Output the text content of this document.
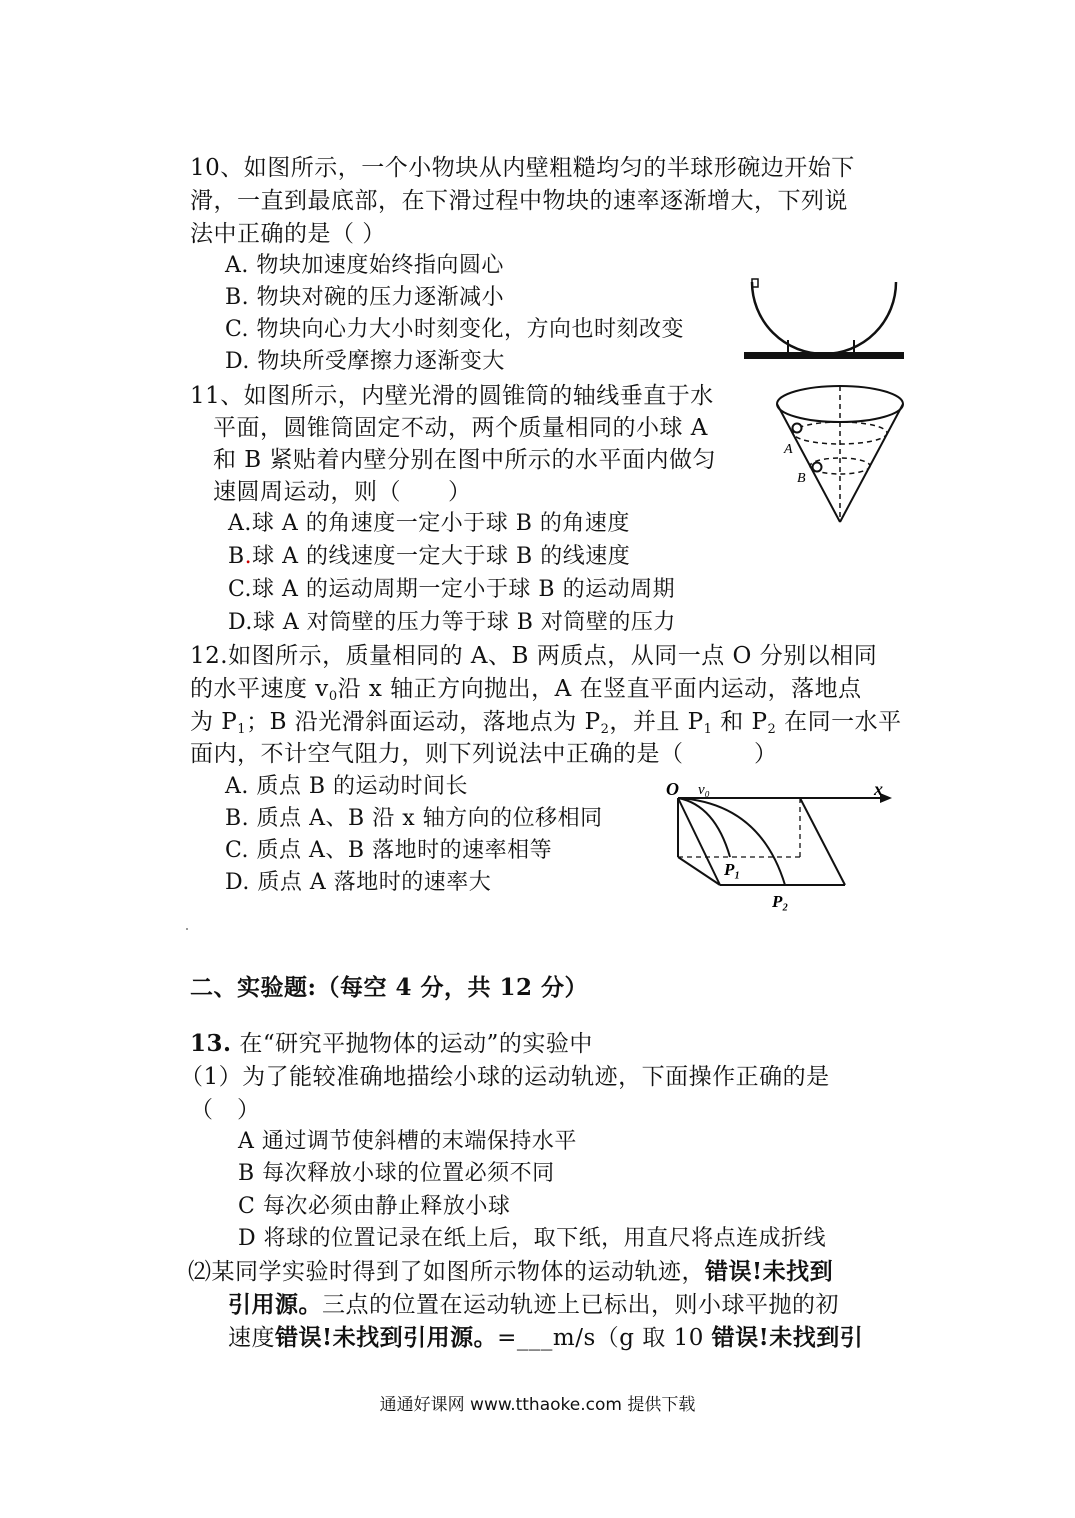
10、如图所示，一个小物块从内壁粗糙均匀的半球形碗边开始下
滑，一直到最底部，在下滑过程中物块的速率逐渐增大，下列说
法中正确的是（ ）
A. 物块加速度始终指向圆心
B. 物块对碗的压力逐渐减小
C. 物块向心力大小时刻变化，方向也时刻改变
D. 物块所受摩擦力逐渐变大
11、如图所示，内壁光滑的圆锥筒的轴线垂直于水
平面，圆锥筒固定不动，两个质量相同的小球 A
和 B 紧贴着内壁分别在图中所示的水平面内做匀
速圆周运动，则（　　）
A.球 A 的角速度一定小于球 B 的角速度
B.球 A 的线速度一定大于球 B 的线速度
C.球 A 的运动周期一定小于球 B 的运动周期
D.球 A 对筒壁的压力等于球 B 对筒壁的压力
A
B
12.如图所示，质量相同的 A、B 两质点，从同一点 O 分别以相同
的水平速度 $v_0$沿 x 轴正方向抛出，A 在竖直平面内运动，落地点
为 $P_1$；B 沿光滑斜面运动，落地点为 $P_2$，并且 $P_1$ 和 $P_2$ 在同一水平
面内，不计空气阻力，则下列说法中正确的是（　　　）
A. 质点 B 的运动时间长
B. 质点 A、B 沿 x 轴方向的位移相同
C. 质点 A、B 落地时的速率相等
D. 质点 A 落地时的速率大
O v₀	x
P₁
P₂
二、实验题:（每空 4 分，共 12 分）
13. 在“研究平抛物体的运动”的实验中
（1）为了能较准确地描绘小球的运动轨迹，下面操作正确的是
（　）
A 通过调节使斜槽的末端保持水平
B 每次释放小球的位置必须不同
C 每次必须由静止释放小球
D 将球的位置记录在纸上后，取下纸，用直尺将点连成折线
⑵某同学实验时得到了如图所示物体的运动轨迹，错误!未找到
引用源。三点的位置在运动轨迹上已标出，则小球平抛的初
速度错误!未找到引用源。=___m/s（g 取 10 错误!未找到引
通通好课网 www.tthaoke.com 提供下载
